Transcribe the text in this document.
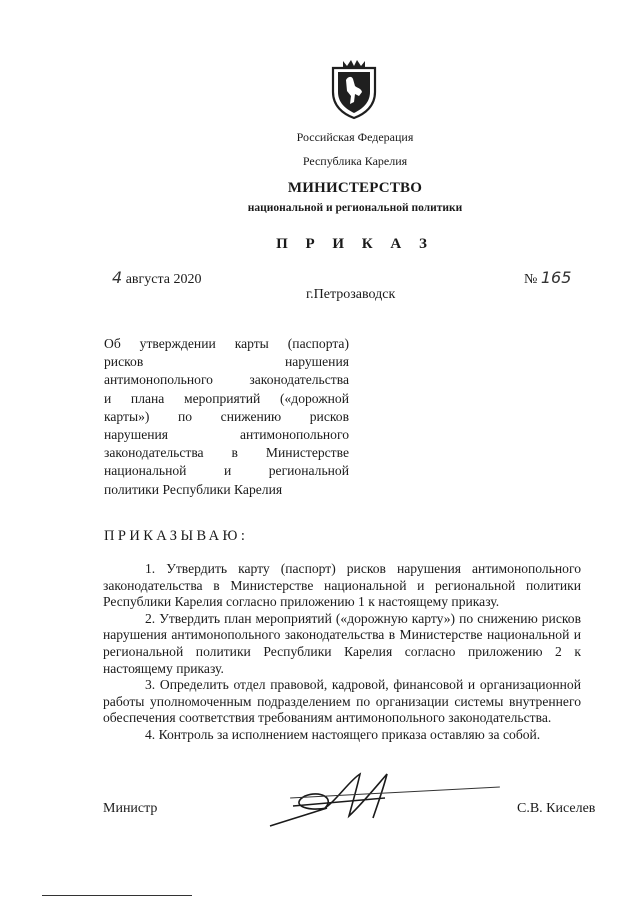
Российская Федерация
Республика Карелия
МИНИСТЕРСТВО
национальной и региональной политики
П Р И К А З
4 августа 2020	№ 165
г.Петрозаводск
Об утверждении карты (паспорта)
рисков нарушения
антимонопольного законодательства
и плана мероприятий («дорожной
карты») по снижению рисков
нарушения антимонопольного
законодательства в Министерстве
национальной и региональной
политики Республики Карелия
ПРИКАЗЫВАЮ:

1. Утвердить карту (паспорт) рисков нарушения антимонопольного законодательства в Министерстве национальной и региональной политики Республики Карелия согласно приложению 1 к настоящему приказу.

2. Утвердить план мероприятий («дорожную карту») по снижению рисков нарушения антимонопольного законодательства в Министерстве национальной и региональной политики Республики Карелия согласно приложению 2 к настоящему приказу.

3. Определить отдел правовой, кадровой, финансовой и организационной работы уполномоченным подразделением по организации системы внутреннего обеспечения соответствия требованиям антимонопольного законодательства.

4. Контроль за исполнением настоящего приказа оставляю за собой.

Министр	С.В. Киселев
